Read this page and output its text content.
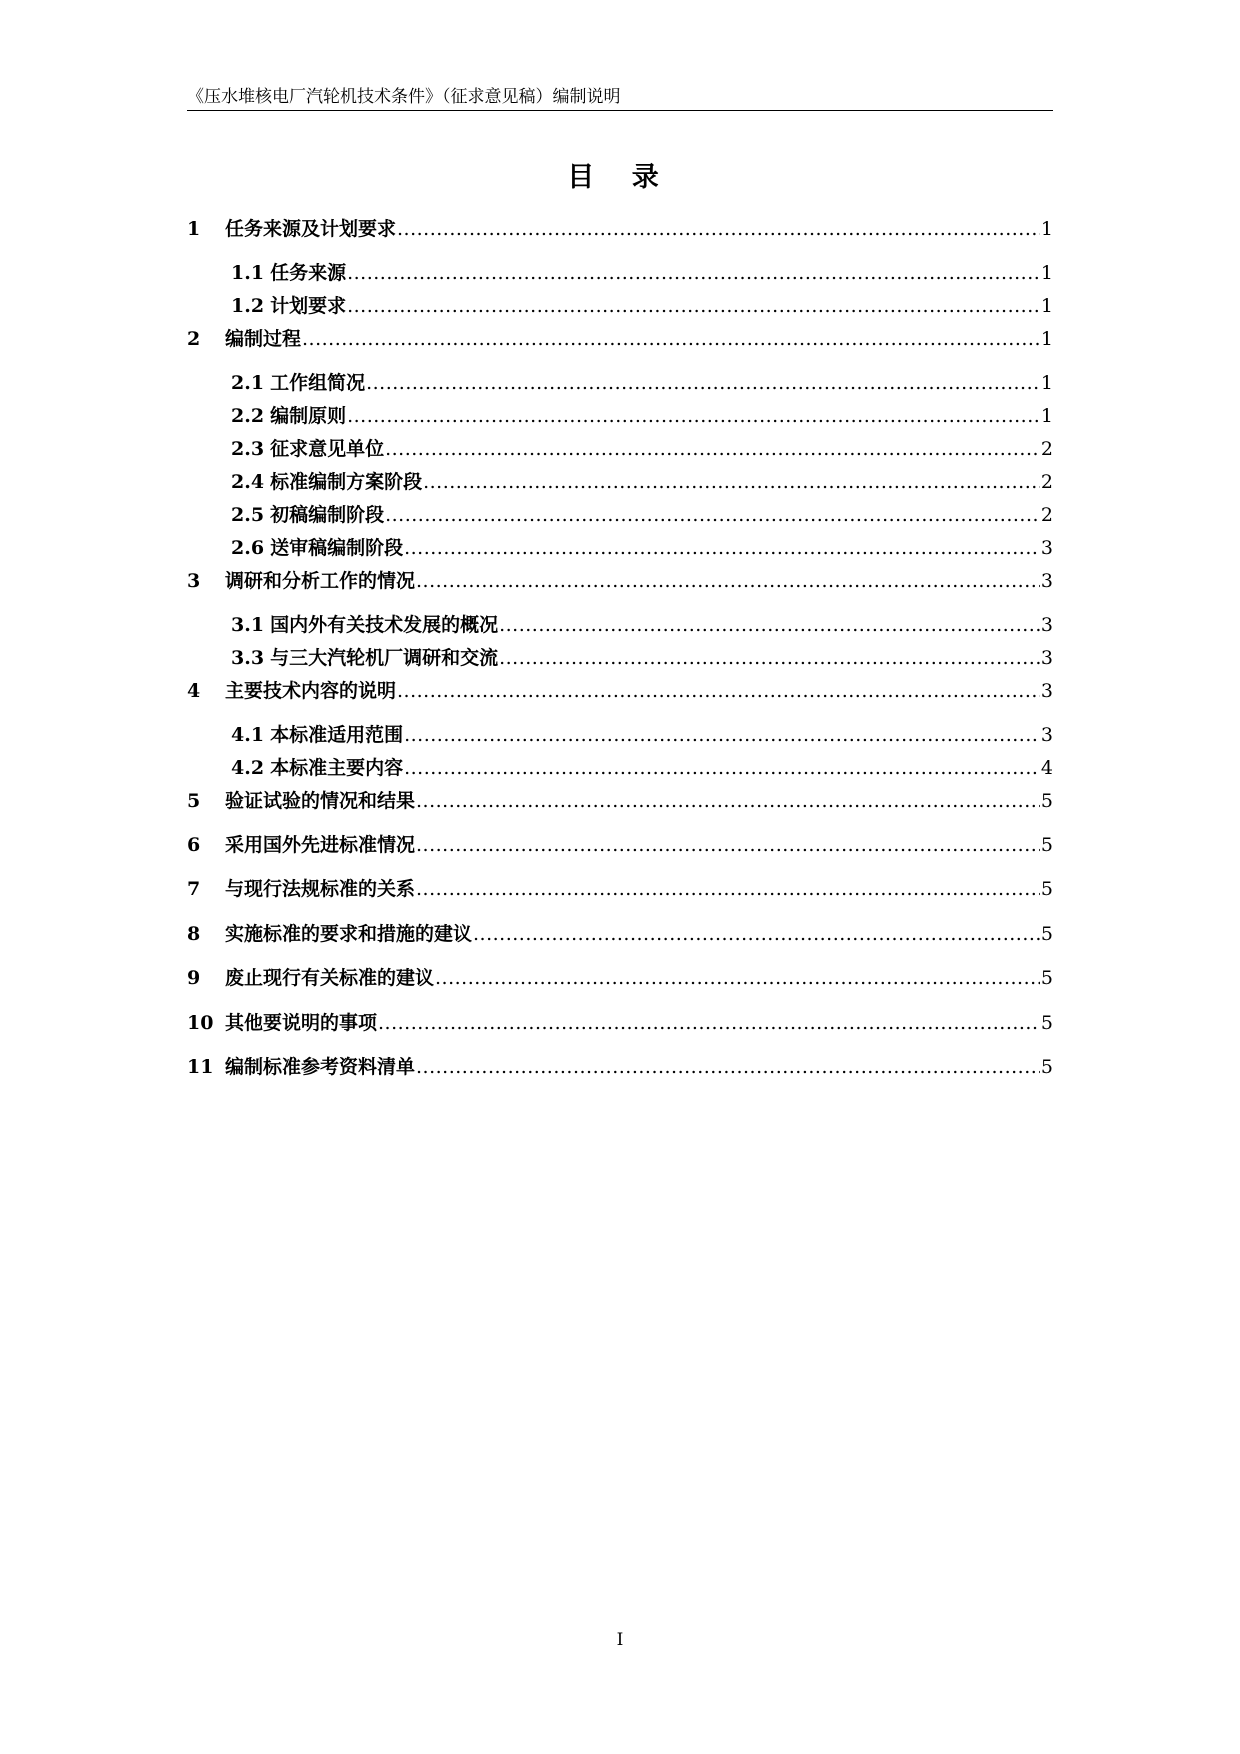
《压水堆核电厂汽轮机技术条件》（征求意见稿）编制说明
目 录
1	任务来源及计划要求 .....	1
1.1 任务来源 .....	1
1.2 计划要求 .....	1
2	编制过程 .....	1
2.1 工作组简况 .....	1
2.2 编制原则 .....	1
2.3 征求意见单位 .....	2
2.4 标准编制方案阶段 .....	2
2.5 初稿编制阶段 .....	2
2.6 送审稿编制阶段 .....	3
3	调研和分析工作的情况 .....	3
3.1 国内外有关技术发展的概况 .....	3
3.3 与三大汽轮机厂调研和交流 .....	3
4	主要技术内容的说明 .....	3
4.1 本标准适用范围 .....	3
4.2 本标准主要内容 .....	4
5	验证试验的情况和结果 .....	5
6	采用国外先进标准情况 .....	5
7	与现行法规标准的关系 .....	5
8	实施标准的要求和措施的建议 .....	5
9	废止现行有关标准的建议 .....	5
10 其他要说明的事项 .....	5
11 编制标准参考资料清单 .....	5
I
